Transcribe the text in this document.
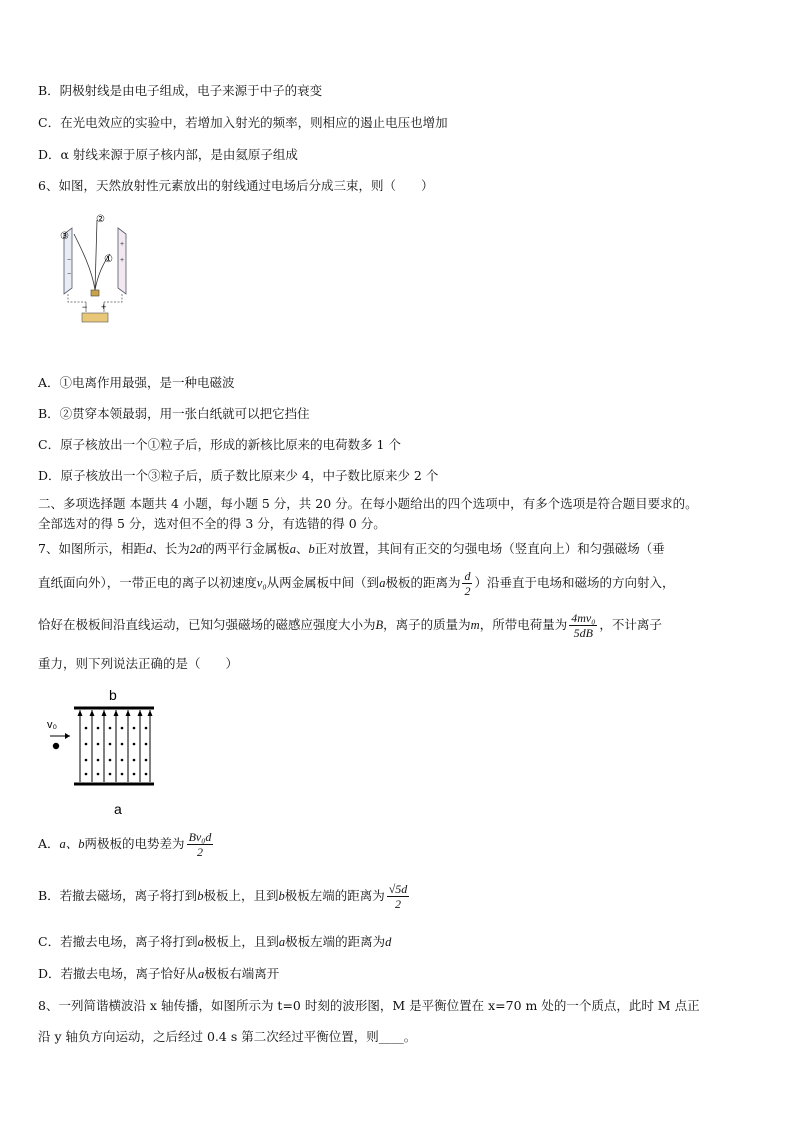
B．阴极射线是由电子组成，电子来源于中子的衰变
C．在光电效应的实验中，若增加入射光的频率，则相应的遏止电压也增加
D．α 射线来源于原子核内部，是由氦原子组成
6、如图，天然放射性元素放出的射线通过电场后分成三束，则（　　）
−
−
+
+
③
②
①
− +
A．①电离作用最强，是一种电磁波
B．②贯穿本领最弱，用一张白纸就可以把它挡住
C．原子核放出一个①粒子后，形成的新核比原来的电荷数多 1 个
D．原子核放出一个③粒子后，质子数比原来少 4，中子数比原来少 2 个
二、多项选择题 本题共 4 小题，每小题 5 分，共 20 分。在每小题给出的四个选项中，有多个选项是符合题目要求的。
全部选对的得 5 分，选对但不全的得 3 分，有选错的得 0 分。
7、如图所示，相距d、长为2d的两平行金属板a、b正对放置，其间有正交的匀强电场（竖直向上）和匀强磁场（垂
直纸面向外），一带正电的离子以初速度v₀从两金属板中间（到a极板的距离为 $\frac{d}{2}$ ）沿垂直于电场和磁场的方向射入，
恰好在极板间沿直线运动，已知匀强磁场的磁感应强度大小为B，离子的质量为m，所带电荷量为 $\frac{\text{4mv₀}}{5dB}$ ，不计离子
重力，则下列说法正确的是（　　）
b
a
v₀
A．a、b两极板的电势差为 $\frac{\text{Bv₀d}}{2}$
B．若撤去磁场，离子将打到b极板上，且到b极板左端的距离为 $\frac{√5d}{2}$
C．若撤去电场，离子将打到a极板上，且到a极板左端的距离为d
D．若撤去电场，离子恰好从a极板右端离开
8、一列简谐横波沿 x 轴传播，如图所示为 t=0 时刻的波形图，M 是平衡位置在 x=70 m 处的一个质点，此时 M 点正
沿 y 轴负方向运动，之后经过 0.4 s 第二次经过平衡位置，则____。
